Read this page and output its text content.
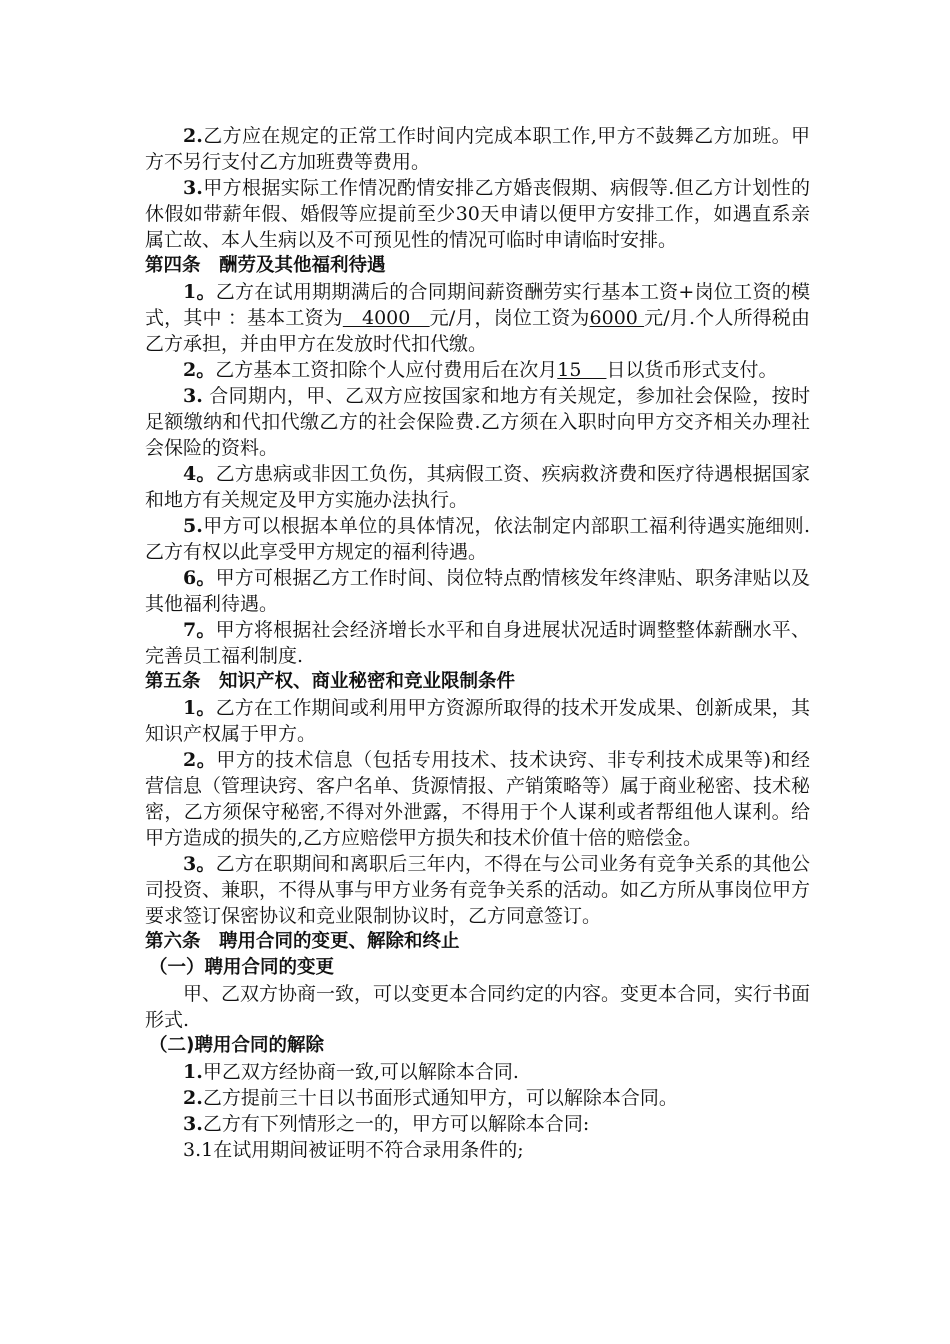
2.乙方应在规定的正常工作时间内完成本职工作,甲方不鼓舞乙方加班。甲方不另行支付乙方加班费等费用。

3.甲方根据实际工作情况酌情安排乙方婚丧假期、病假等.但乙方计划性的休假如带薪年假、婚假等应提前至少30天申请以便甲方安排工作，如遇直系亲属亡故、本人生病以及不可预见性的情况可临时申请临时安排。

第四条　酬劳及其他福利待遇

1。乙方在试用期期满后的合同期间薪资酬劳实行基本工资+岗位工资的模式，其中 ：基本工资为　4000　元/月，岗位工资为6000 元/月.个人所得税由乙方承担，并由甲方在发放时代扣代缴。

2。乙方基本工资扣除个人应付费用后在次月15　 日以货币形式支付。

3. 合同期内，甲、乙双方应按国家和地方有关规定，参加社会保险，按时足额缴纳和代扣代缴乙方的社会保险费.乙方须在入职时向甲方交齐相关办理社会保险的资料。

4。乙方患病或非因工负伤，其病假工资、疾病救济费和医疗待遇根据国家和地方有关规定及甲方实施办法执行。

5.甲方可以根据本单位的具体情况，依法制定内部职工福利待遇实施细则.乙方有权以此享受甲方规定的福利待遇。

6。甲方可根据乙方工作时间、岗位特点酌情核发年终津贴、职务津贴以及其他福利待遇。

7。甲方将根据社会经济增长水平和自身进展状况适时调整整体薪酬水平、完善员工福利制度.

第五条　知识产权、商业秘密和竞业限制条件

1。乙方在工作期间或利用甲方资源所取得的技术开发成果、创新成果，其知识产权属于甲方。

2。甲方的技术信息（包括专用技术、技术诀窍、非专利技术成果等)和经营信息（管理诀窍、客户名单、货源情报、产销策略等）属于商业秘密、技术秘密，乙方须保守秘密,不得对外泄露，不得用于个人谋利或者帮组他人谋利。给甲方造成的损失的,乙方应赔偿甲方损失和技术价值十倍的赔偿金。

3。乙方在职期间和离职后三年内，不得在与公司业务有竞争关系的其他公司投资、兼职，不得从事与甲方业务有竞争关系的活动。如乙方所从事岗位甲方要求签订保密协议和竞业限制协议时，乙方同意签订。

第六条　聘用合同的变更、解除和终止

（一）聘用合同的变更

甲、乙双方协商一致，可以变更本合同约定的内容。变更本合同，实行书面形式.

（二)聘用合同的解除

1.甲乙双方经协商一致,可以解除本合同.

2.乙方提前三十日以书面形式通知甲方，可以解除本合同。

3.乙方有下列情形之一的，甲方可以解除本合同:

3.1在试用期间被证明不符合录用条件的;
